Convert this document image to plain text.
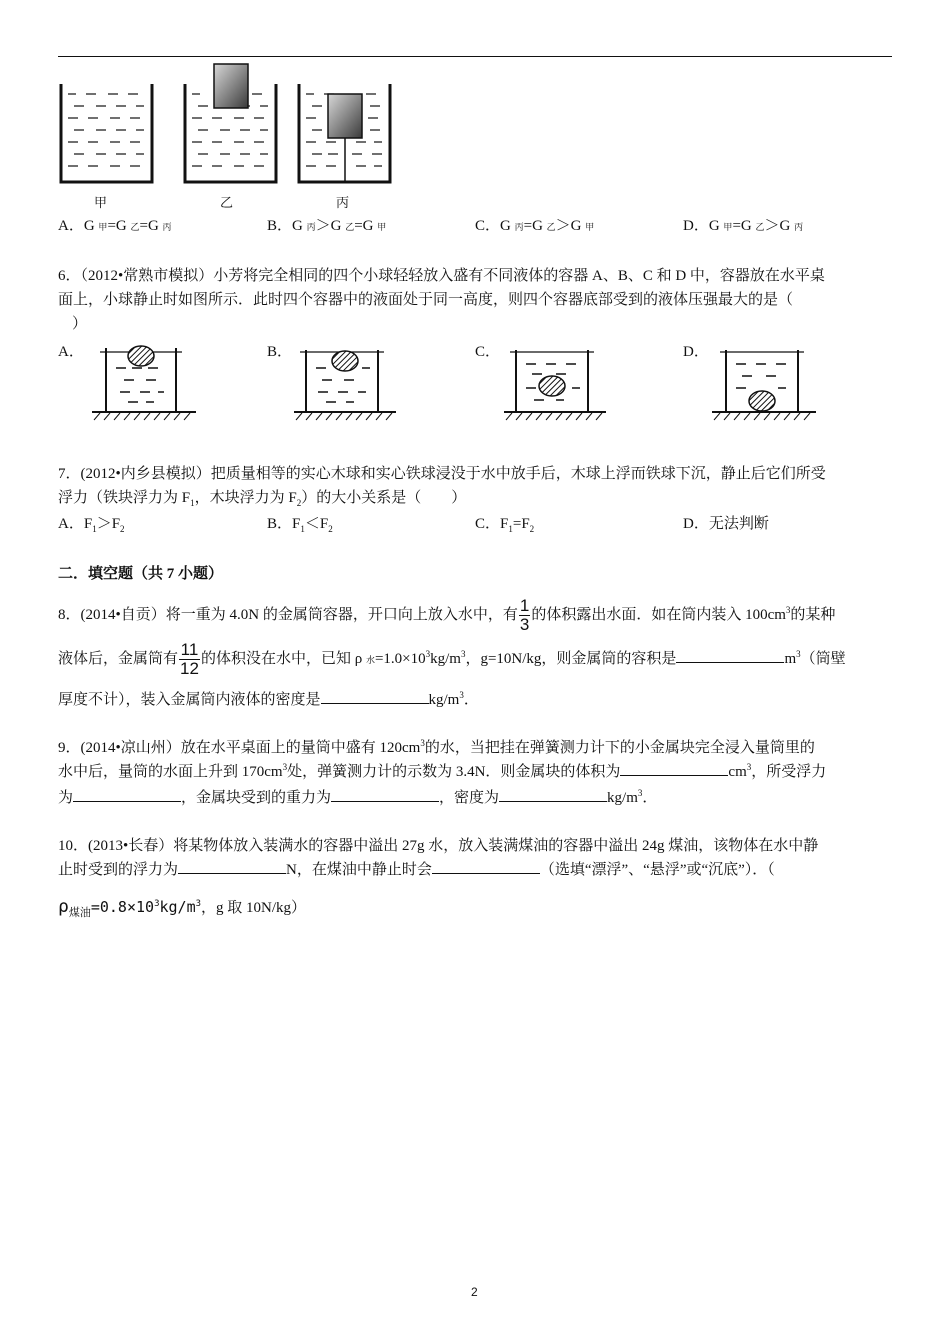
甲	乙	丙
A．G 甲=G 乙=G 丙	B．G 丙＞G 乙=G 甲	C．G 丙=G 乙＞G 甲	D．G 甲=G 乙＞G 丙
6．（2012•常熟市模拟）小芳将完全相同的四个小球轻轻放入盛有不同液体的容器 A、B、C 和 D 中，容器放在水平桌
面上，小球静止时如图所示．此时四个容器中的液面处于同一高度，则四个容器底部受到的液体压强最大的是（
）
A．	B．	C．	D．
7．(2012•内乡县模拟）把质量相等的实心木球和实心铁球浸没于水中放手后，木球上浮而铁球下沉，静止后它们所受
浮力（铁块浮力为 $F_1$，木块浮力为 $F_2$）的大小关系是（　　）
A．$F_1>F_2$	B．$F_1<F_2$	C．$F_1=F_2$	D．无法判断
二．填空题（共 7 小题）
8．(2014•自贡）将一重为 4.0N 的金属筒容器，开口向上放入水中，有 $\frac{1}{3}$ 的体积露出水面．如在筒内装入 $100cm^3$的某种
液体后，金属筒有 $\frac{11}{12}$ 的体积没在水中，已知 ρ 水$=1.0\times 10^3kg/m^3$，g=10N/kg，则金属筒的容积是	$m^3$（筒壁
厚度不计），装入金属筒内液体的密度是	$kg/m^3$．
9．(2014•凉山州）放在水平桌面上的量筒中盛有 $120cm^3$的水，当把挂在弹簧测力计下的小金属块完全浸入量筒里的
水中后，量筒的水面上升到 $170cm^3$处，弹簧测力计的示数为 3.4N．则金属块的体积为	$cm^3$，所受浮力
为	，金属块受到的重力为	，密度为	$kg/m^3$．
10．(2013•长春）将某物体放入装满水的容器中溢出 27g 水，放入装满煤油的容器中溢出 24g 煤油，该物体在水中静
止时受到的浮力为	N，在煤油中静止时会	（选填“漂浮”、“悬浮”或“沉底”）．（
$\rho_{煤油}=0.8\times 10^3kg/m^3$，g 取 10N/kg）
2
